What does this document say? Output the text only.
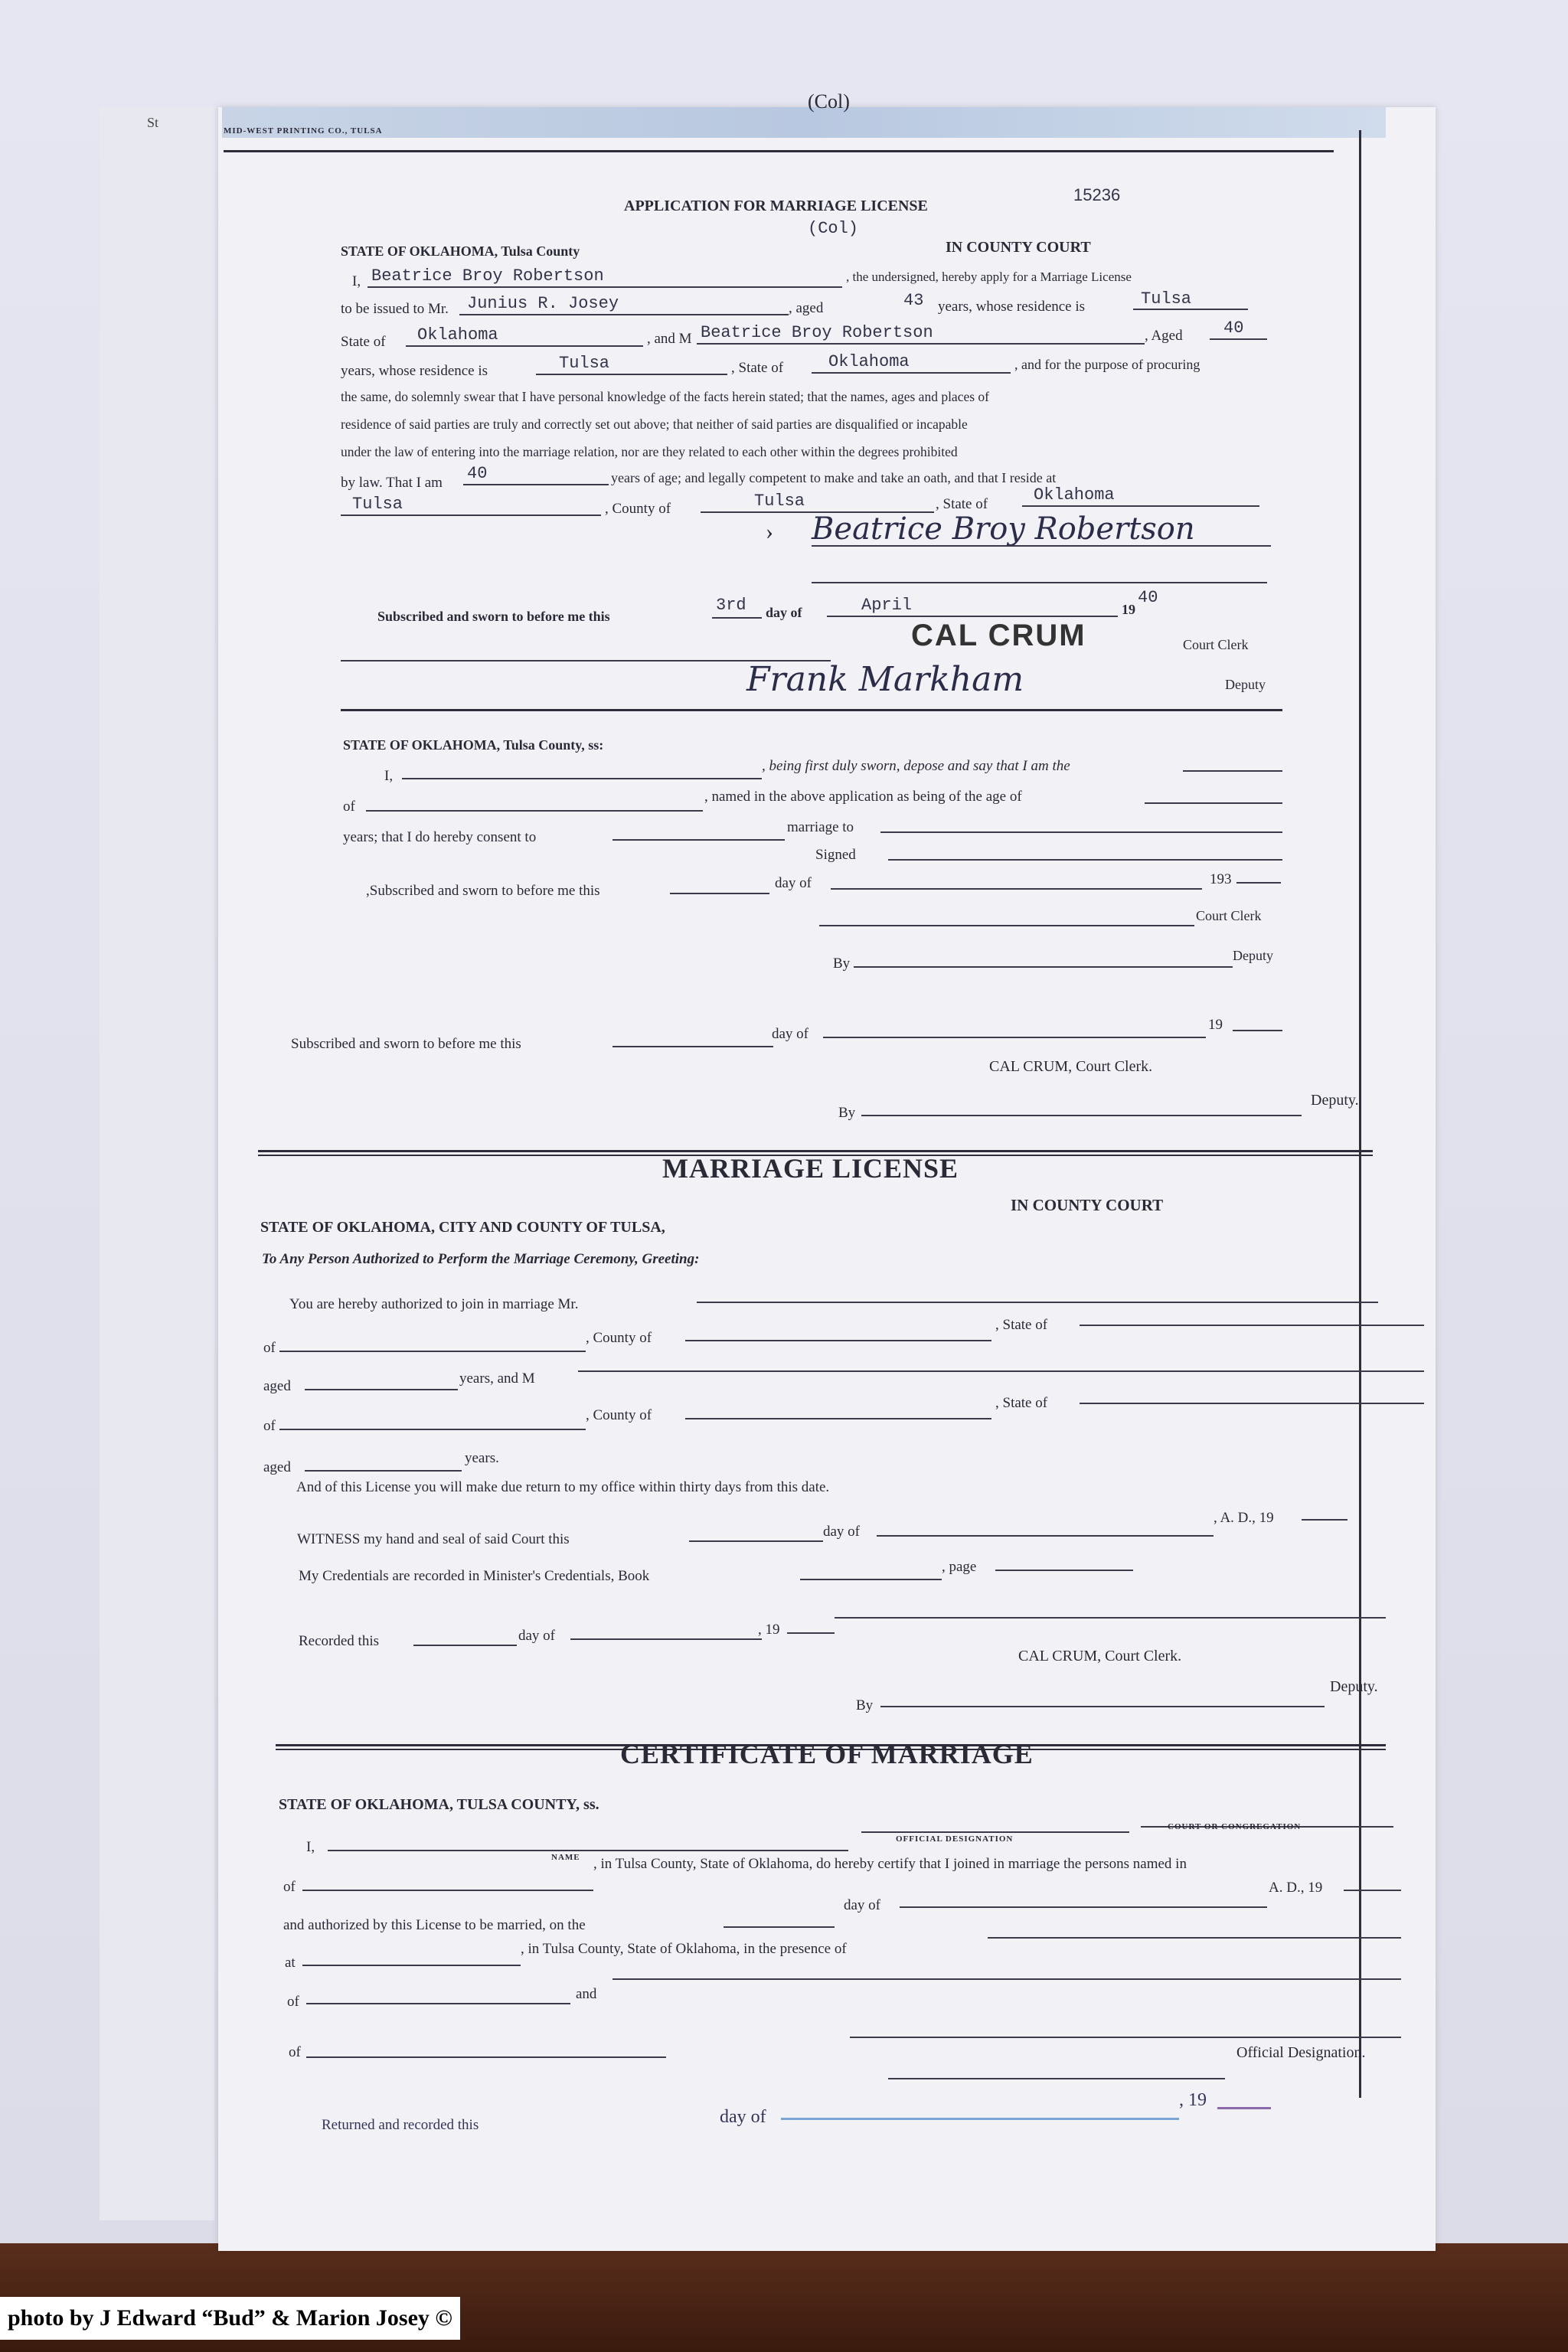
St
MID-WEST PRINTING CO., TULSA
(Col)
APPLICATION FOR MARRIAGE LICENSE
15236
(Col)
STATE OF OKLAHOMA, Tulsa County	IN COUNTY COURT
I, Beatrice Broy Robertson	, the undersigned, hereby apply for a Marriage License
to be issued to Mr. Junius R. Josey	, aged	43 years, whose residence is	Tulsa
State of Oklahoma	, and M Beatrice Broy Robertson	, Aged 40
years, whose residence is	Tulsa	, State of	Oklahoma	, and for the purpose of procuring
the same, do solemnly swear that I have personal knowledge of the facts herein stated; that the names, ages and places of
residence of said parties are truly and correctly set out above; that neither of said parties are disqualified or incapable
under the law of entering into the marriage relation, nor are they related to each other within the degrees prohibited
by law. That I am 40	years of age; and legally competent to make and take an oath, and that I reside at
Tulsa	, County of	Tulsa	, State of	Oklahoma
› Beatrice Broy Robertson
Subscribed and sworn to before me this
3rd day of	April	19
40
CAL CRUM	Court Clerk
Frank Markham	Deputy
STATE OF OKLAHOMA, Tulsa County, ss:
I,
, being first duly sworn, depose and say that I am the
of
, named in the above application as being of the age of
years; that I do hereby consent to
marriage to
Signed
,Subscribed and sworn to before me this	day of	193
Court Clerk
By	Deputy
Subscribed and sworn to before me this
day of
19
CAL CRUM, Court Clerk.
By
Deputy.
MARRIAGE LICENSE
STATE OF OKLAHOMA, CITY AND COUNTY OF TULSA,
IN COUNTY COURT
To Any Person Authorized to Perform the Marriage Ceremony, Greeting:
You are hereby authorized to join in marriage Mr.
of
, County of
, State of
aged	years, and M
of
, County of
, State of
aged
years.
And of this License you will make due return to my office within thirty days from this date.
WITNESS my hand and seal of said Court this	day of
, A. D., 19
My Credentials are recorded in Minister's Credentials, Book
, page
Recorded this	day of	, 19
CAL CRUM, Court Clerk.
By
Deputy.
CERTIFICATE OF MARRIAGE
STATE OF OKLAHOMA, TULSA COUNTY, ss.
I,
NAME
OFFICIAL DESIGNATION
COURT OR CONGREGATION
of
, in Tulsa County, State of Oklahoma, do hereby certify that I joined in marriage the persons named in
and authorized by this License to be married, on the
day of
A. D., 19
at
, in Tulsa County, State of Oklahoma, in the presence of
of	and
of	Official Designation.
Returned and recorded this	day of
, 19
photo by J Edward “Bud” & Marion Josey ©
